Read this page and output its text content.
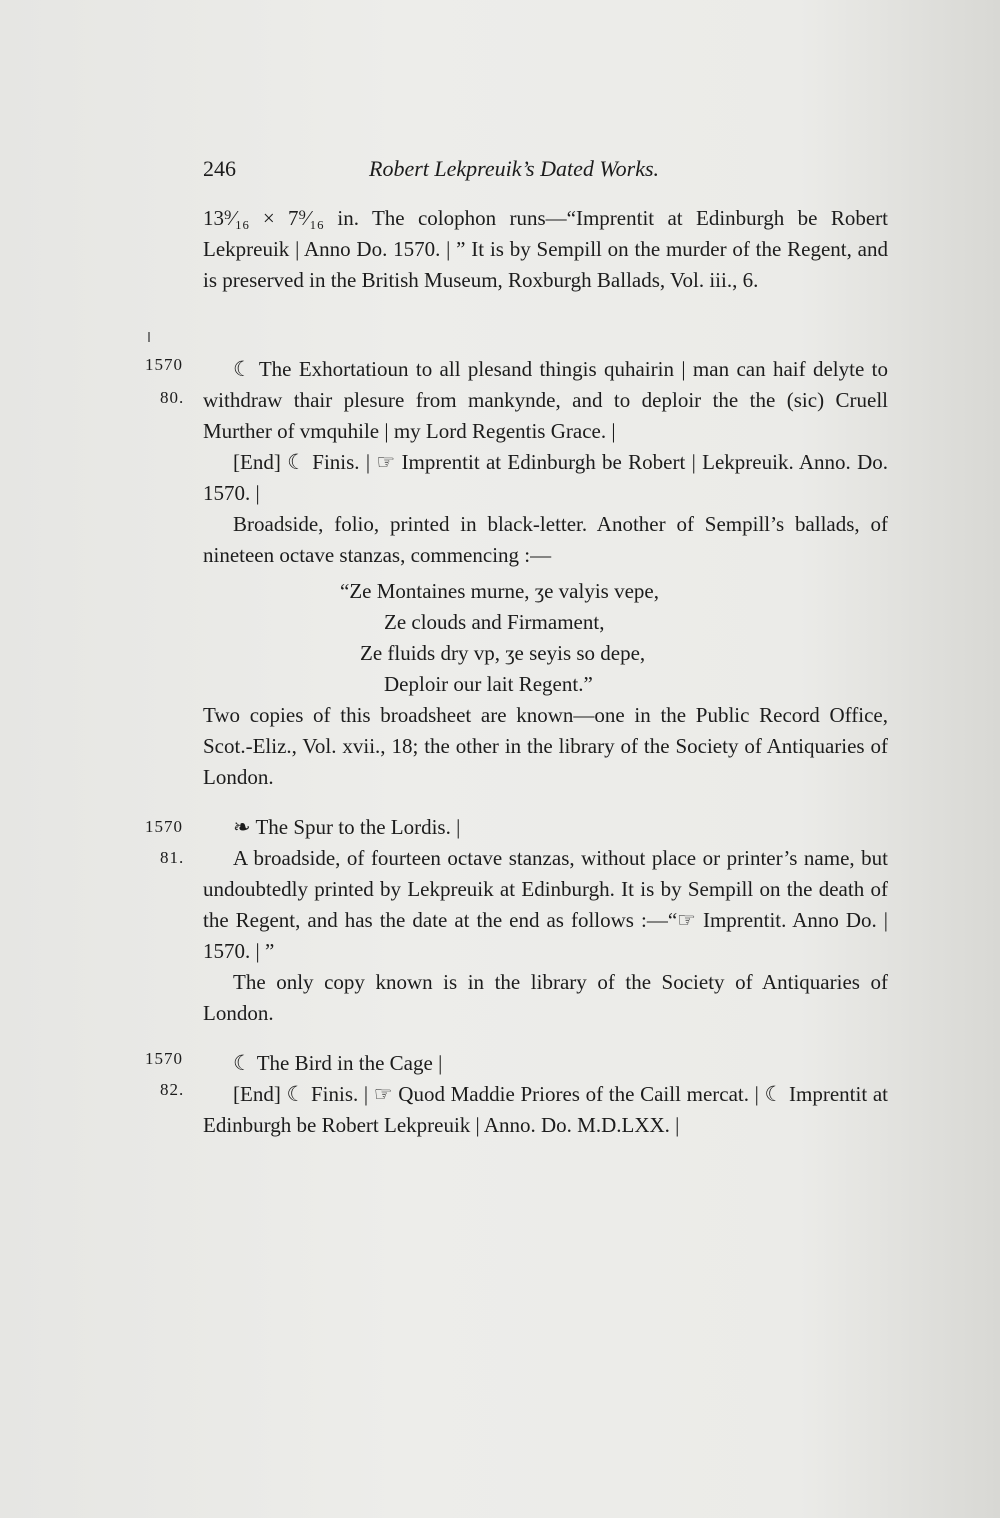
246	Robert Lekpreuik’s Dated Works.

13⁹⁄₁₆ × 7⁹⁄₁₆ in. The colophon runs—“Imprentit at Edinburgh be Robert Lekpreuik | Anno Do. 1570. | ” It is by Sempill on the murder of the Regent, and is preserved in the British Museum, Roxburgh Ballads, Vol. iii., 6.

1570
80.

☾ The Exhortatioun to all plesand thingis quhairin | man can haif delyte to withdraw thair plesure from mankynde, and to deploir the the (sic) Cruell Murther of vmquhile | my Lord Regentis Grace. |

[End] ☾ Finis. | ☞ Imprentit at Edinburgh be Robert | Lekpreuik. Anno. Do. 1570. |

Broadside, folio, printed in black-letter. Another of Sempill’s ballads, of nineteen octave stanzas, commencing :—

“Ze Montaines murne, ʒe valyis vepe,
Ze clouds and Firmament,
Ze fluids dry vp, ʒe seyis so depe,
Deploir our lait Regent.”

Two copies of this broadsheet are known—one in the Public Record Office, Scot.-Eliz., Vol. xvii., 18; the other in the library of the Society of Antiquaries of London.

1570
81.

❧ The Spur to the Lordis. |

A broadside, of fourteen octave stanzas, without place or printer’s name, but undoubtedly printed by Lekpreuik at Edinburgh. It is by Sempill on the death of the Regent, and has the date at the end as follows :—“☞ Imprentit. Anno Do. | 1570. | ”

The only copy known is in the library of the Society of Antiquaries of London.

1570
82.

☾ The Bird in the Cage |

[End] ☾ Finis. | ☞ Quod Maddie Priores of the Caill mercat. | ☾ Imprentit at Edinburgh be Robert Lekpreuik | Anno. Do. M.D.LXX. |
